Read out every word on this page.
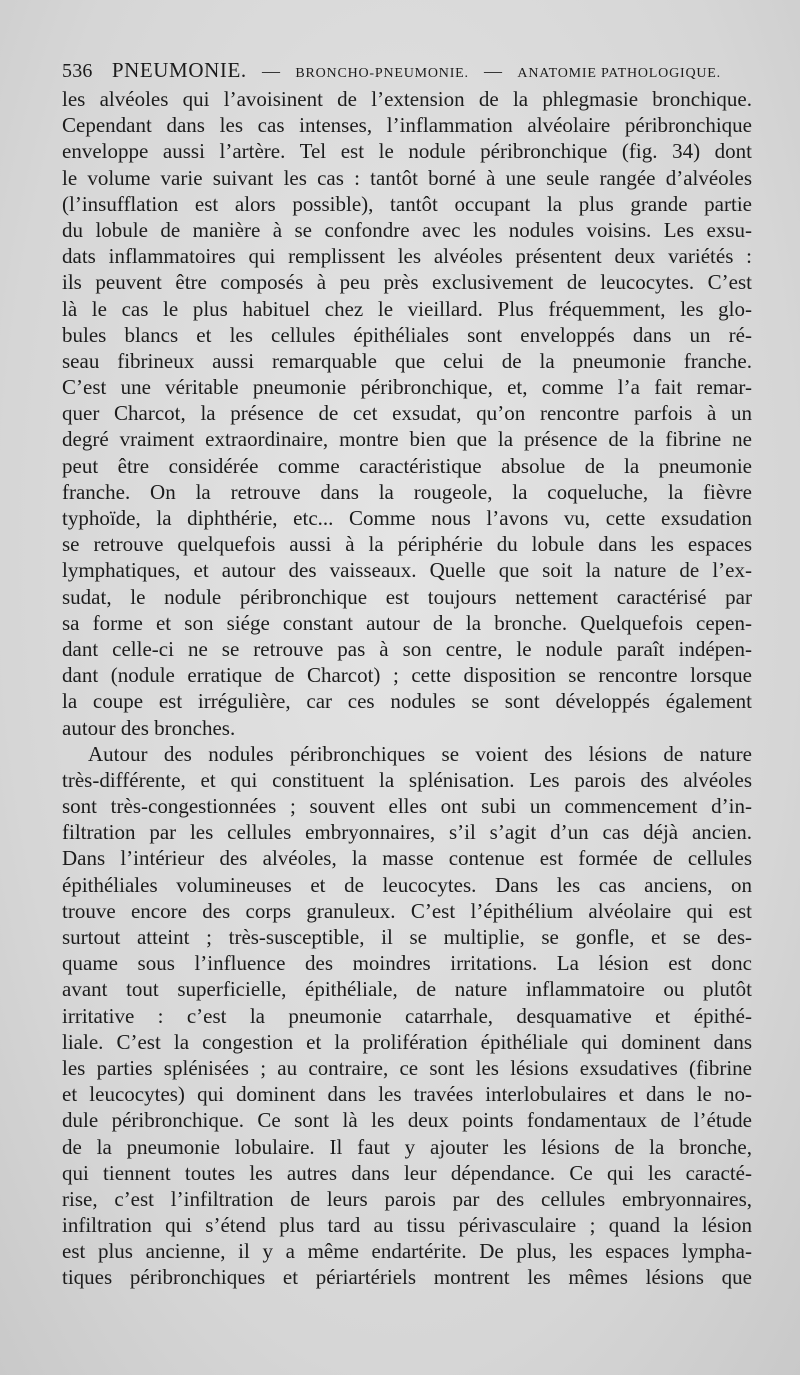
536 PNEUMONIE. — BRONCHO-PNEUMONIE. — ANATOMIE PATHOLOGIQUE.
les alvéoles qui l’avoisinent de l’extension de la phlegmasie bronchique.
Cependant dans les cas intenses, l’inflammation alvéolaire péribronchique
enveloppe aussi l’artère. Tel est le nodule péribronchique (fig. 34) dont
le volume varie suivant les cas : tantôt borné à une seule rangée d’alvéoles
(l’insufflation est alors possible), tantôt occupant la plus grande partie
du lobule de manière à se confondre avec les nodules voisins. Les exsu-
dats inflammatoires qui remplissent les alvéoles présentent deux variétés :
ils peuvent être composés à peu près exclusivement de leucocytes. C’est
là le cas le plus habituel chez le vieillard. Plus fréquemment, les glo-
bules blancs et les cellules épithéliales sont enveloppés dans un ré-
seau fibrineux aussi remarquable que celui de la pneumonie franche.
C’est une véritable pneumonie péribronchique, et, comme l’a fait remar-
quer Charcot, la présence de cet exsudat, qu’on rencontre parfois à un
degré vraiment extraordinaire, montre bien que la présence de la fibrine ne
peut être considérée comme caractéristique absolue de la pneumonie
franche. On la retrouve dans la rougeole, la coqueluche, la fièvre
typhoïde, la diphthérie, etc... Comme nous l’avons vu, cette exsudation
se retrouve quelquefois aussi à la périphérie du lobule dans les espaces
lymphatiques, et autour des vaisseaux. Quelle que soit la nature de l’ex-
sudat, le nodule péribronchique est toujours nettement caractérisé par
sa forme et son siége constant autour de la bronche. Quelquefois cepen-
dant celle-ci ne se retrouve pas à son centre, le nodule paraît indépen-
dant (nodule erratique de Charcot) ; cette disposition se rencontre lorsque
la coupe est irrégulière, car ces nodules se sont développés également
autour des bronches.
Autour des nodules péribronchiques se voient des lésions de nature
très-différente, et qui constituent la splénisation. Les parois des alvéoles
sont très-congestionnées ; souvent elles ont subi un commencement d’in-
filtration par les cellules embryonnaires, s’il s’agit d’un cas déjà ancien.
Dans l’intérieur des alvéoles, la masse contenue est formée de cellules
épithéliales volumineuses et de leucocytes. Dans les cas anciens, on
trouve encore des corps granuleux. C’est l’épithélium alvéolaire qui est
surtout atteint ; très-susceptible, il se multiplie, se gonfle, et se des-
quame sous l’influence des moindres irritations. La lésion est donc
avant tout superficielle, épithéliale, de nature inflammatoire ou plutôt
irritative : c’est la pneumonie catarrhale, desquamative et épithé-
liale. C’est la congestion et la prolifération épithéliale qui dominent dans
les parties splénisées ; au contraire, ce sont les lésions exsudatives (fibrine
et leucocytes) qui dominent dans les travées interlobulaires et dans le no-
dule péribronchique. Ce sont là les deux points fondamentaux de l’étude
de la pneumonie lobulaire. Il faut y ajouter les lésions de la bronche,
qui tiennent toutes les autres dans leur dépendance. Ce qui les caracté-
rise, c’est l’infiltration de leurs parois par des cellules embryonnaires,
infiltration qui s’étend plus tard au tissu périvasculaire ; quand la lésion
est plus ancienne, il y a même endartérite. De plus, les espaces lympha-
tiques péribronchiques et périartériels montrent les mêmes lésions que
